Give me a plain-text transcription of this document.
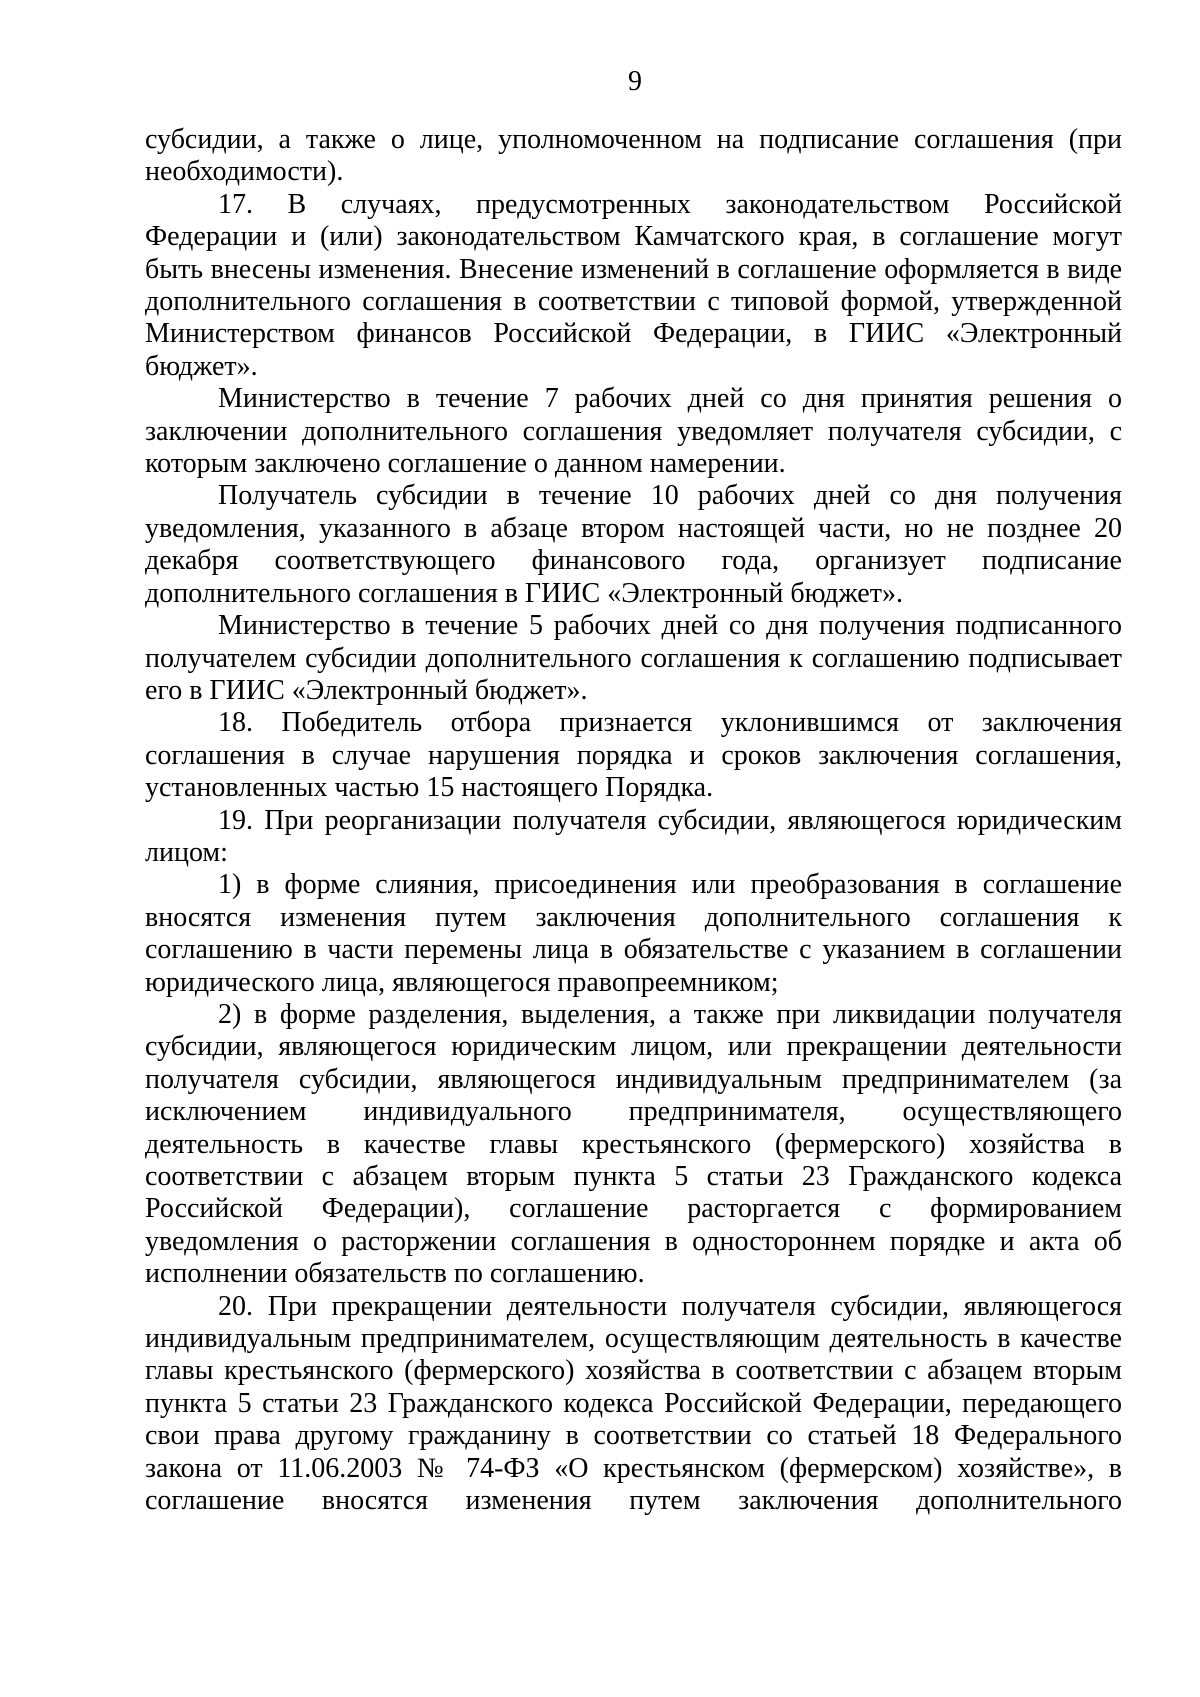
9

субсидии, а также о лице, уполномоченном на подписание соглашения (при необходимости).

17. В случаях, предусмотренных законодательством Российской Федерации и (или) законодательством Камчатского края, в соглашение могут быть внесены изменения. Внесение изменений в соглашение оформляется в виде дополнительного соглашения в соответствии с типовой формой, утвержденной Министерством финансов Российской Федерации, в ГИИС «Электронный бюджет».

Министерство в течение 7 рабочих дней со дня принятия решения о заключении дополнительного соглашения уведомляет получателя субсидии, с которым заключено соглашение о данном намерении.

Получатель субсидии в течение 10 рабочих дней со дня получения уведомления, указанного в абзаце втором настоящей части, но не позднее 20 декабря соответствующего финансового года, организует подписание дополнительного соглашения в ГИИС «Электронный бюджет».

Министерство в течение 5 рабочих дней со дня получения подписанного получателем субсидии дополнительного соглашения к соглашению подписывает его в ГИИС «Электронный бюджет».

18. Победитель отбора признается уклонившимся от заключения соглашения в случае нарушения порядка и сроков заключения соглашения, установленных частью 15 настоящего Порядка.

19. При реорганизации получателя субсидии, являющегося юридическим лицом:

1) в форме слияния, присоединения или преобразования в соглашение вносятся изменения путем заключения дополнительного соглашения к соглашению в части перемены лица в обязательстве с указанием в соглашении юридического лица, являющегося правопреемником;

2) в форме разделения, выделения, а также при ликвидации получателя субсидии, являющегося юридическим лицом, или прекращении деятельности получателя субсидии, являющегося индивидуальным предпринимателем (за исключением индивидуального предпринимателя, осуществляющего деятельность в качестве главы крестьянского (фермерского) хозяйства в соответствии с абзацем вторым пункта 5 статьи 23 Гражданского кодекса Российской Федерации), соглашение расторгается с формированием уведомления о расторжении соглашения в одностороннем порядке и акта об исполнении обязательств по соглашению.

20. При прекращении деятельности получателя субсидии, являющегося индивидуальным предпринимателем, осуществляющим деятельность в качестве главы крестьянского (фермерского) хозяйства в соответствии с абзацем вторым пункта 5 статьи 23 Гражданского кодекса Российской Федерации, передающего свои права другому гражданину в соответствии со статьей 18 Федерального закона от 11.06.2003 № 74-ФЗ «О крестьянском (фермерском) хозяйстве», в соглашение вносятся изменения путем заключения дополнительного
